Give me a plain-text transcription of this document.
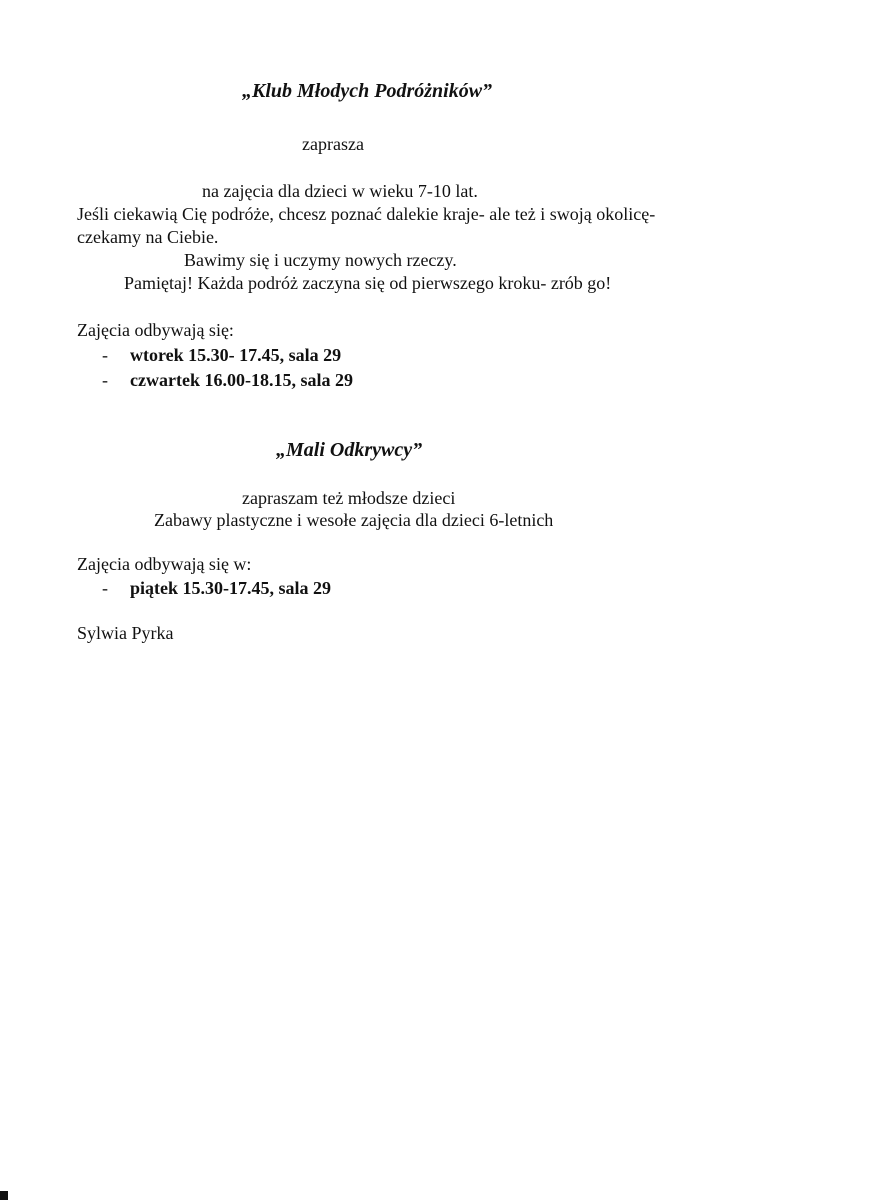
„Klub Młodych Podróżników”
zaprasza
na zajęcia dla dzieci w wieku 7-10 lat.
Jeśli ciekawią Cię podróże, chcesz poznać dalekie kraje- ale też i swoją okolicę-
czekamy na Ciebie.
Bawimy się i uczymy nowych rzeczy.
Pamiętaj! Każda podróż zaczyna się od pierwszego kroku- zrób go!
Zajęcia odbywają się:
- wtorek 15.30- 17.45, sala 29
- czwartek 16.00-18.15, sala 29
„Mali Odkrywcy”
zapraszam też młodsze dzieci
Zabawy plastyczne i wesołe zajęcia dla dzieci 6-letnich
Zajęcia odbywają się w:
- piątek 15.30-17.45, sala 29
Sylwia Pyrka
